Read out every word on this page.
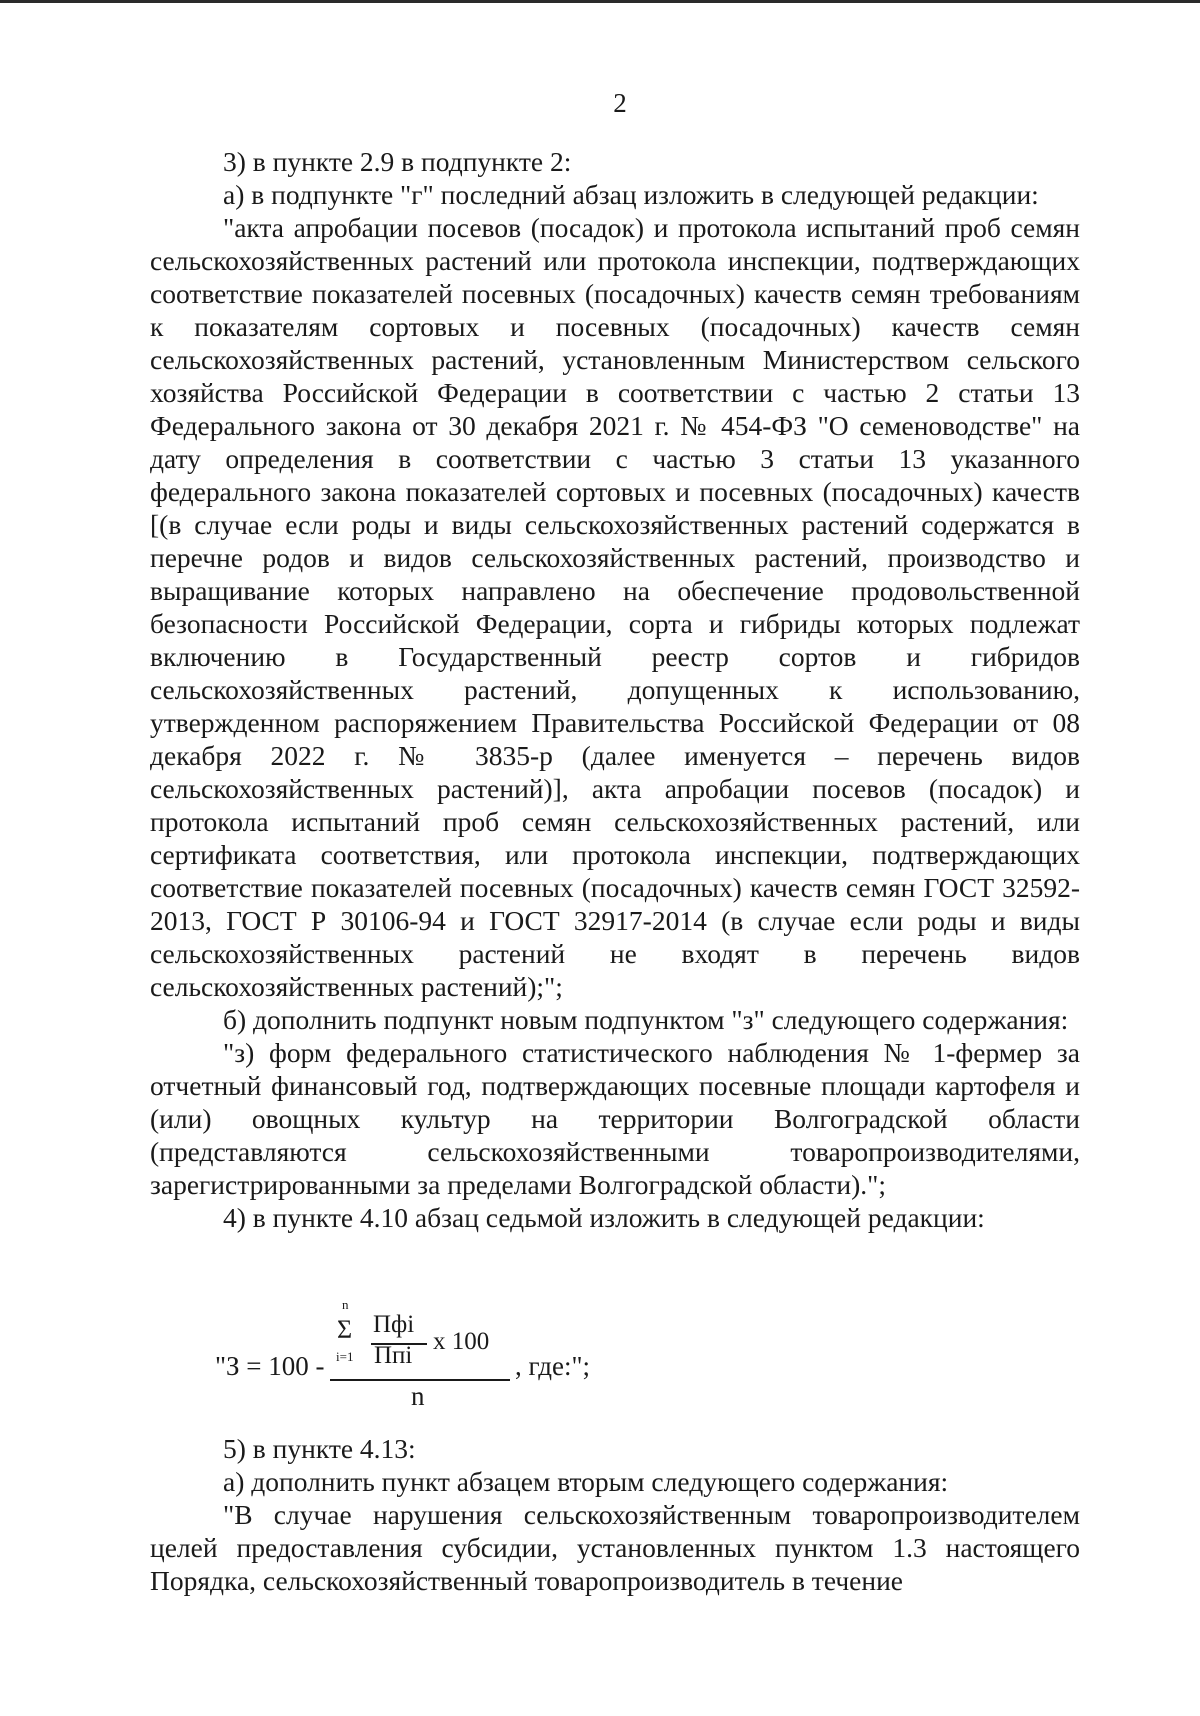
2

3) в пункте 2.9 в подпункте 2:

а) в подпункте "г" последний абзац изложить в следующей редакции:

"акта апробации посевов (посадок) и протокола испытаний проб семян сельскохозяйственных растений или протокола инспекции, подтверждающих соответствие показателей посевных (посадочных) качеств семян требованиям к показателям сортовых и посевных (посадочных) качеств семян сельскохозяйственных растений, установленным Министерством сельского хозяйства Российской Федерации в соответствии с частью 2 статьи 13 Федерального закона от 30 декабря 2021 г. № 454-ФЗ "О семеноводстве" на дату определения в соответствии с частью 3 статьи 13 указанного федерального закона показателей сортовых и посевных (посадочных) качеств [(в случае если роды и виды сельскохозяйственных растений содержатся в перечне родов и видов сельскохозяйственных растений, производство и выращивание которых направлено на обеспечение продовольственной безопасности Российской Федерации, сорта и гибриды которых подлежат включению в Государственный реестр сортов и гибридов сельскохозяйственных растений, допущенных к использованию, утвержденном распоряжением Правительства Российской Федерации от 08 декабря 2022 г. № 3835-р (далее именуется – перечень видов сельскохозяйственных растений)], акта апробации посевов (посадок) и протокола испытаний проб семян сельскохозяйственных растений, или сертификата соответствия, или протокола инспекции, подтверждающих соответствие показателей посевных (посадочных) качеств семян ГОСТ 32592-2013, ГОСТ Р 30106-94 и ГОСТ 32917-2014 (в случае если роды и виды сельскохозяйственных растений не входят в перечень видов сельскохозяйственных растений);";

б) дополнить подпункт новым подпунктом "з" следующего содержания:

"з) форм федерального статистического наблюдения № 1-фермер за отчетный финансовый год, подтверждающих посевные площади картофеля и (или) овощных культур на территории Волгоградской области (представляются сельскохозяйственными товаропроизводителями, зарегистрированными за пределами Волгоградской области).";

4) в пункте 4.10 абзац седьмой изложить в следующей редакции:

"З = 100 -
n
Σ
i=1
Пфi
Ппi
x 100
n
, где:";

5) в пункте 4.13:

а) дополнить пункт абзацем вторым следующего содержания:

"В случае нарушения сельскохозяйственным товаропроизводителем целей предоставления субсидии, установленных пунктом 1.3 настоящего Порядка, сельскохозяйственный товаропроизводитель в течение
